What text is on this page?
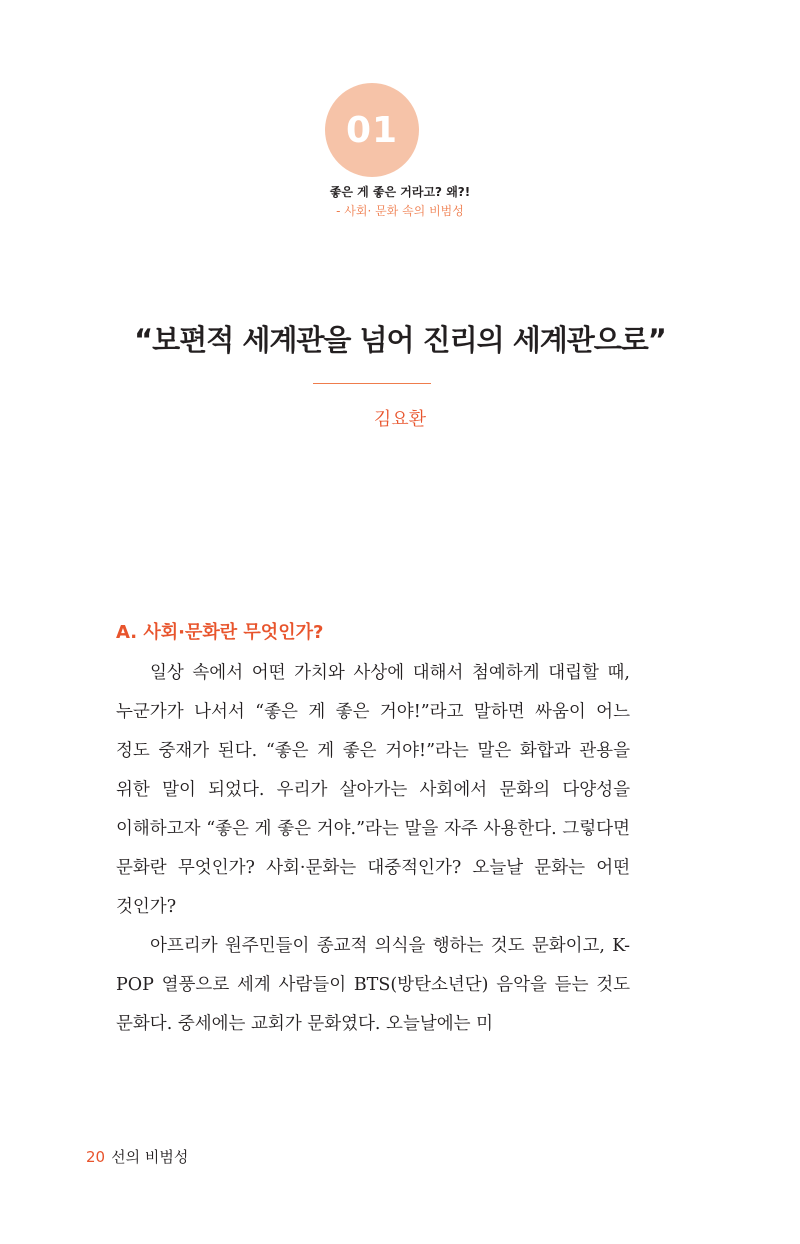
01
좋은 게 좋은 거라고? 왜?!
- 사회· 문화 속의 비범성
“보편적 세계관을 넘어 진리의 세계관으로”
김요환
A. 사회·문화란 무엇인가?

일상 속에서 어떤 가치와 사상에 대해서 첨예하게 대립할 때, 누군가가 나서서 “좋은 게 좋은 거야!”라고 말하면 싸움이 어느 정도 중재가 된다. “좋은 게 좋은 거야!”라는 말은 화합과 관용을 위한 말이 되었다. 우리가 살아가는 사회에서 문화의 다양성을 이해하고자 “좋은 게 좋은 거야.”라는 말을 자주 사용한다. 그렇다면 문화란 무엇인가? 사회·문화는 대중적인가? 오늘날 문화는 어떤 것인가?

아프리카 원주민들이 종교적 의식을 행하는 것도 문화이고, K-POP 열풍으로 세계 사람들이 BTS(방탄소년단) 음악을 듣는 것도 문화다. 중세에는 교회가 문화였다. 오늘날에는 미

20 선의 비범성
